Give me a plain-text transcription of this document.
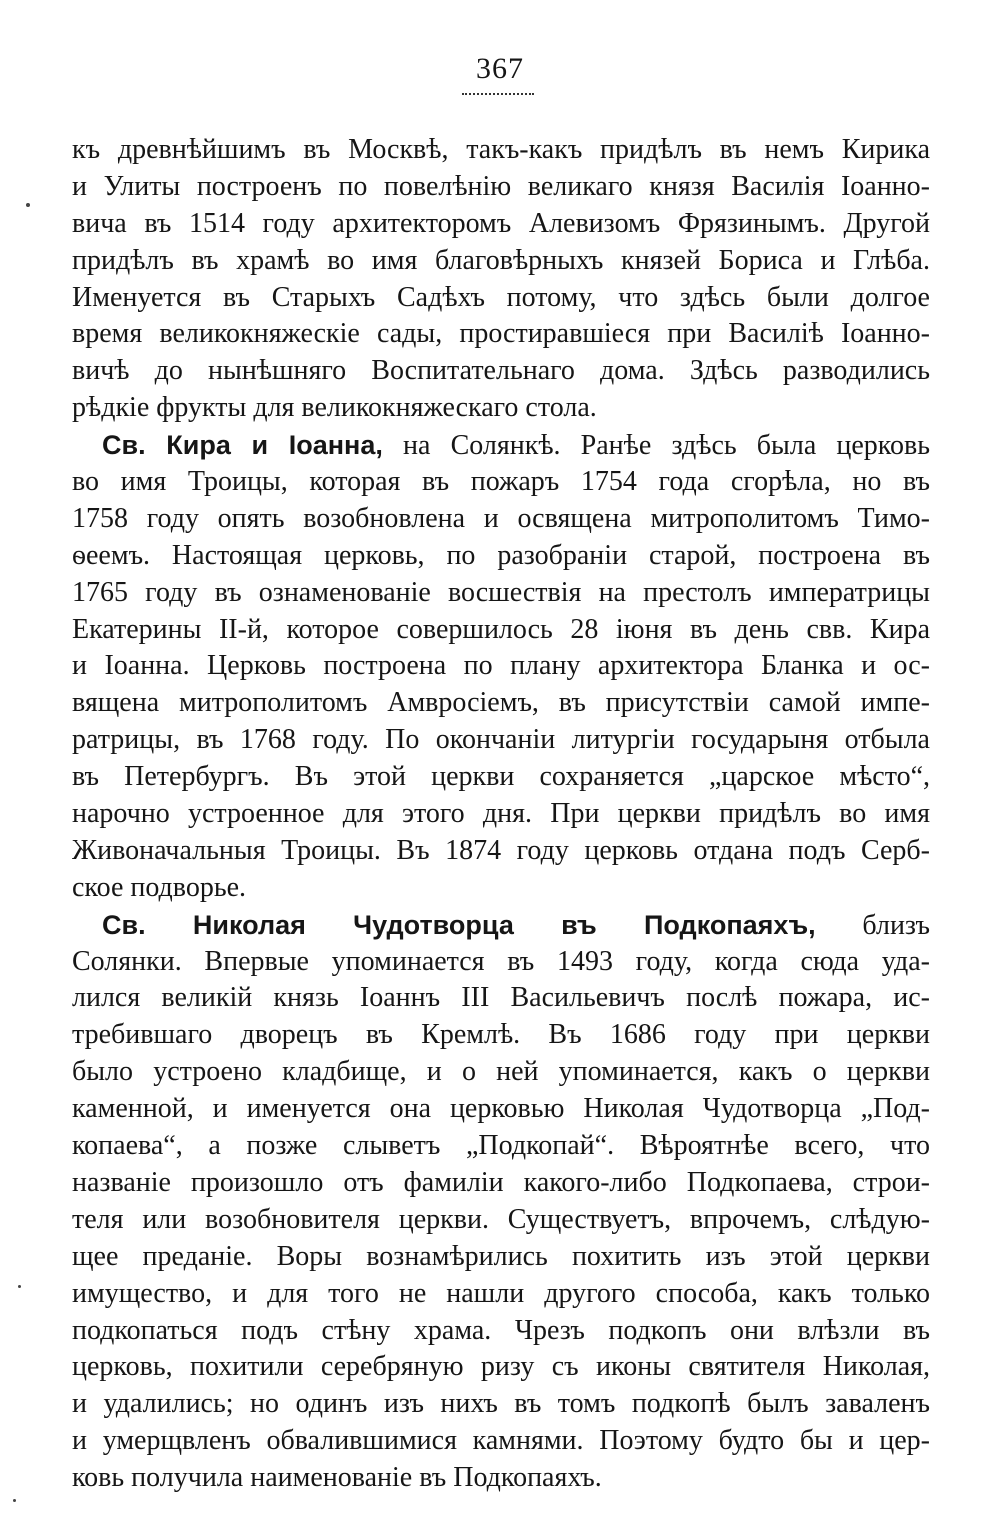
367
къ древнѣйшимъ въ Москвѣ, такъ-какъ придѣлъ въ немъ Кирика
и Улиты построенъ по повелѣнію великаго князя Василія Іоанно-
вича въ 1514 году архитекторомъ Алевизомъ Фрязинымъ. Другой
придѣлъ въ храмѣ во имя благовѣрныхъ князей Бориса и Глѣба.
Именуется въ Старыхъ Садѣхъ потому, что здѣсь были долгое
время великокняжескіе сады, простиравшіеся при Василіѣ Іоанно-
вичѣ до нынѣшняго Воспитательнаго дома. Здѣсь разводились
рѣдкіе фрукты для великокняжескаго стола.
Св. Кира и Іоанна, на Солянкѣ. Ранѣе здѣсь была церковь
во имя Троицы, которая въ пожаръ 1754 года сгорѣла, но въ
1758 году опять возобновлена и освящена митрополитомъ Тимо-
ѳеемъ. Настоящая церковь, по разобраніи старой, построена въ
1765 году въ ознаменованіе восшествія на престолъ императрицы
Екатерины II-й, которое совершилось 28 іюня въ день свв. Кира
и Іоанна. Церковь построена по плану архитектора Бланка и ос-
вящена митрополитомъ Амвросіемъ, въ присутствіи самой импе-
ратрицы, въ 1768 году. По окончаніи литургіи государыня отбыла
въ Петербургъ. Въ этой церкви сохраняется „царское мѣсто“,
нарочно устроенное для этого дня. При церкви придѣлъ во имя
Живоначальныя Троицы. Въ 1874 году церковь отдана подъ Серб-
ское подворье.
Св. Николая Чудотворца въ Подкопаяхъ, близъ
Солянки. Впервые упоминается въ 1493 году, когда сюда уда-
лился великій князь Іоаннъ III Васильевичъ послѣ пожара, ис-
требившаго дворецъ въ Кремлѣ. Въ 1686 году при церкви
было устроено кладбище, и о ней упоминается, какъ о церкви
каменной, и именуется она церковью Николая Чудотворца „Под-
копаева“, а позже слыветъ „Подкопай“. Вѣроятнѣе всего, что
названіе произошло отъ фамиліи какого-либо Подкопаева, строи-
теля или возобновителя церкви. Существуетъ, впрочемъ, слѣдую-
щее преданіе. Воры вознамѣрились похитить изъ этой церкви
имущество, и для того не нашли другого способа, какъ только
подкопаться подъ стѣну храма. Чрезъ подкопъ они влѣзли въ
церковь, похитили серебряную ризу съ иконы святителя Николая,
и удалились; но одинъ изъ нихъ въ томъ подкопѣ былъ заваленъ
и умерщвленъ обвалившимися камнями. Поэтому будто бы и цер-
ковь получила наименованіе въ Подкопаяхъ.
